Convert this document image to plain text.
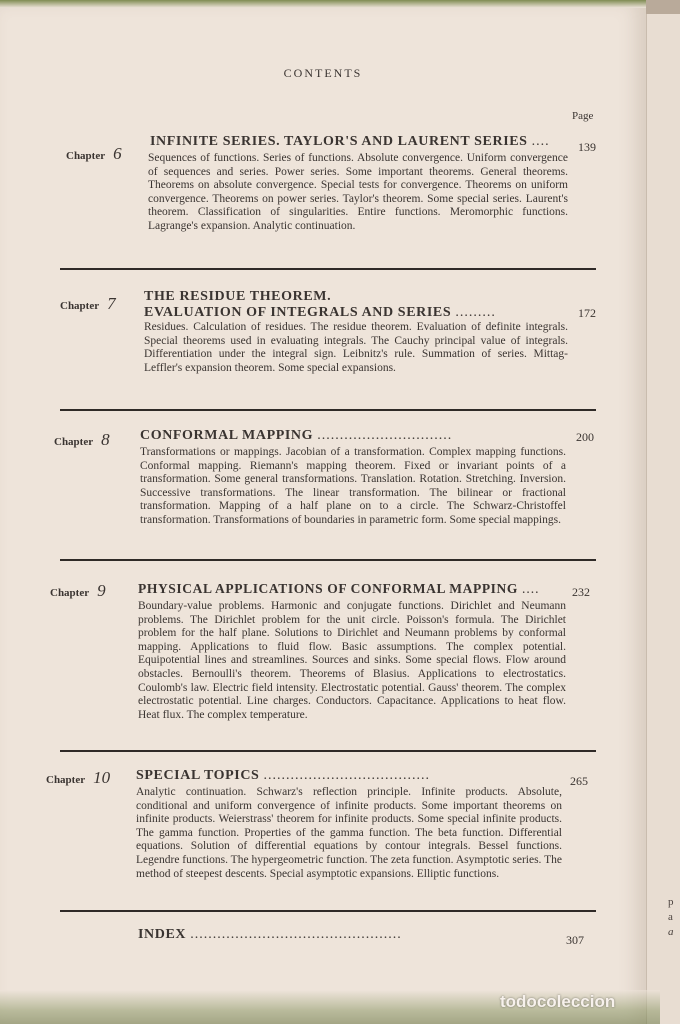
CONTENTS
Page
Chapter 6
INFINITE SERIES. TAYLOR'S AND LAURENT SERIES ....	139
Sequences of functions. Series of functions. Absolute convergence. Uniform convergence of sequences and series. Power series. Some important theorems. General theorems. Theorems on absolute convergence. Special tests for convergence. Theorems on uniform convergence. Theorems on power series. Taylor's theorem. Some special series. Laurent's theorem. Classification of singularities. Entire functions. Meromorphic functions. Lagrange's expansion. Analytic continuation.
Chapter 7 THE RESIDUE THEOREM.
EVALUATION OF INTEGRALS AND SERIES .........	172
Residues. Calculation of residues. The residue theorem. Evaluation of definite integrals. Special theorems used in evaluating integrals. The Cauchy principal value of integrals. Differentiation under the integral sign. Leibnitz's rule. Summation of series. Mittag-Leffler's expansion theorem. Some special expansions.
Chapter 8 CONFORMAL MAPPING ..............................	200
Transformations or mappings. Jacobian of a transformation. Complex mapping functions. Conformal mapping. Riemann's mapping theorem. Fixed or invariant points of a transformation. Some general transformations. Translation. Rotation. Stretching. Inversion. Successive transformations. The linear transformation. The bilinear or fractional transformation. Mapping of a half plane on to a circle. The Schwarz-Christoffel transformation. Transformations of boundaries in parametric form. Some special mappings.
Chapter 9 PHYSICAL APPLICATIONS OF CONFORMAL MAPPING ....	232
Boundary-value problems. Harmonic and conjugate functions. Dirichlet and Neumann problems. The Dirichlet problem for the unit circle. Poisson's formula. The Dirichlet problem for the half plane. Solutions to Dirichlet and Neumann problems by conformal mapping. Applications to fluid flow. Basic assumptions. The complex potential. Equipotential lines and streamlines. Sources and sinks. Some special flows. Flow around obstacles. Bernoulli's theorem. Theorems of Blasius. Applications to electrostatics. Coulomb's law. Electric field intensity. Electrostatic potential. Gauss' theorem. The complex electrostatic potential. Line charges. Conductors. Capacitance. Applications to heat flow. Heat flux. The complex temperature.
Chapter 10 SPECIAL TOPICS .....................................	265
Analytic continuation. Schwarz's reflection principle. Infinite products. Absolute, conditional and uniform convergence of infinite products. Some important theorems on infinite products. Weierstrass' theorem for infinite products. Some special infinite products. The gamma function. Properties of the gamma function. The beta function. Differential equations. Solution of differential equations by contour integrals. Bessel functions. Legendre functions. The hypergeometric function. The zeta function. Asymptotic series. The method of steepest descents. Special asymptotic expansions. Elliptic functions.
INDEX ...............................................	307
p
a
a
todocoleccion
